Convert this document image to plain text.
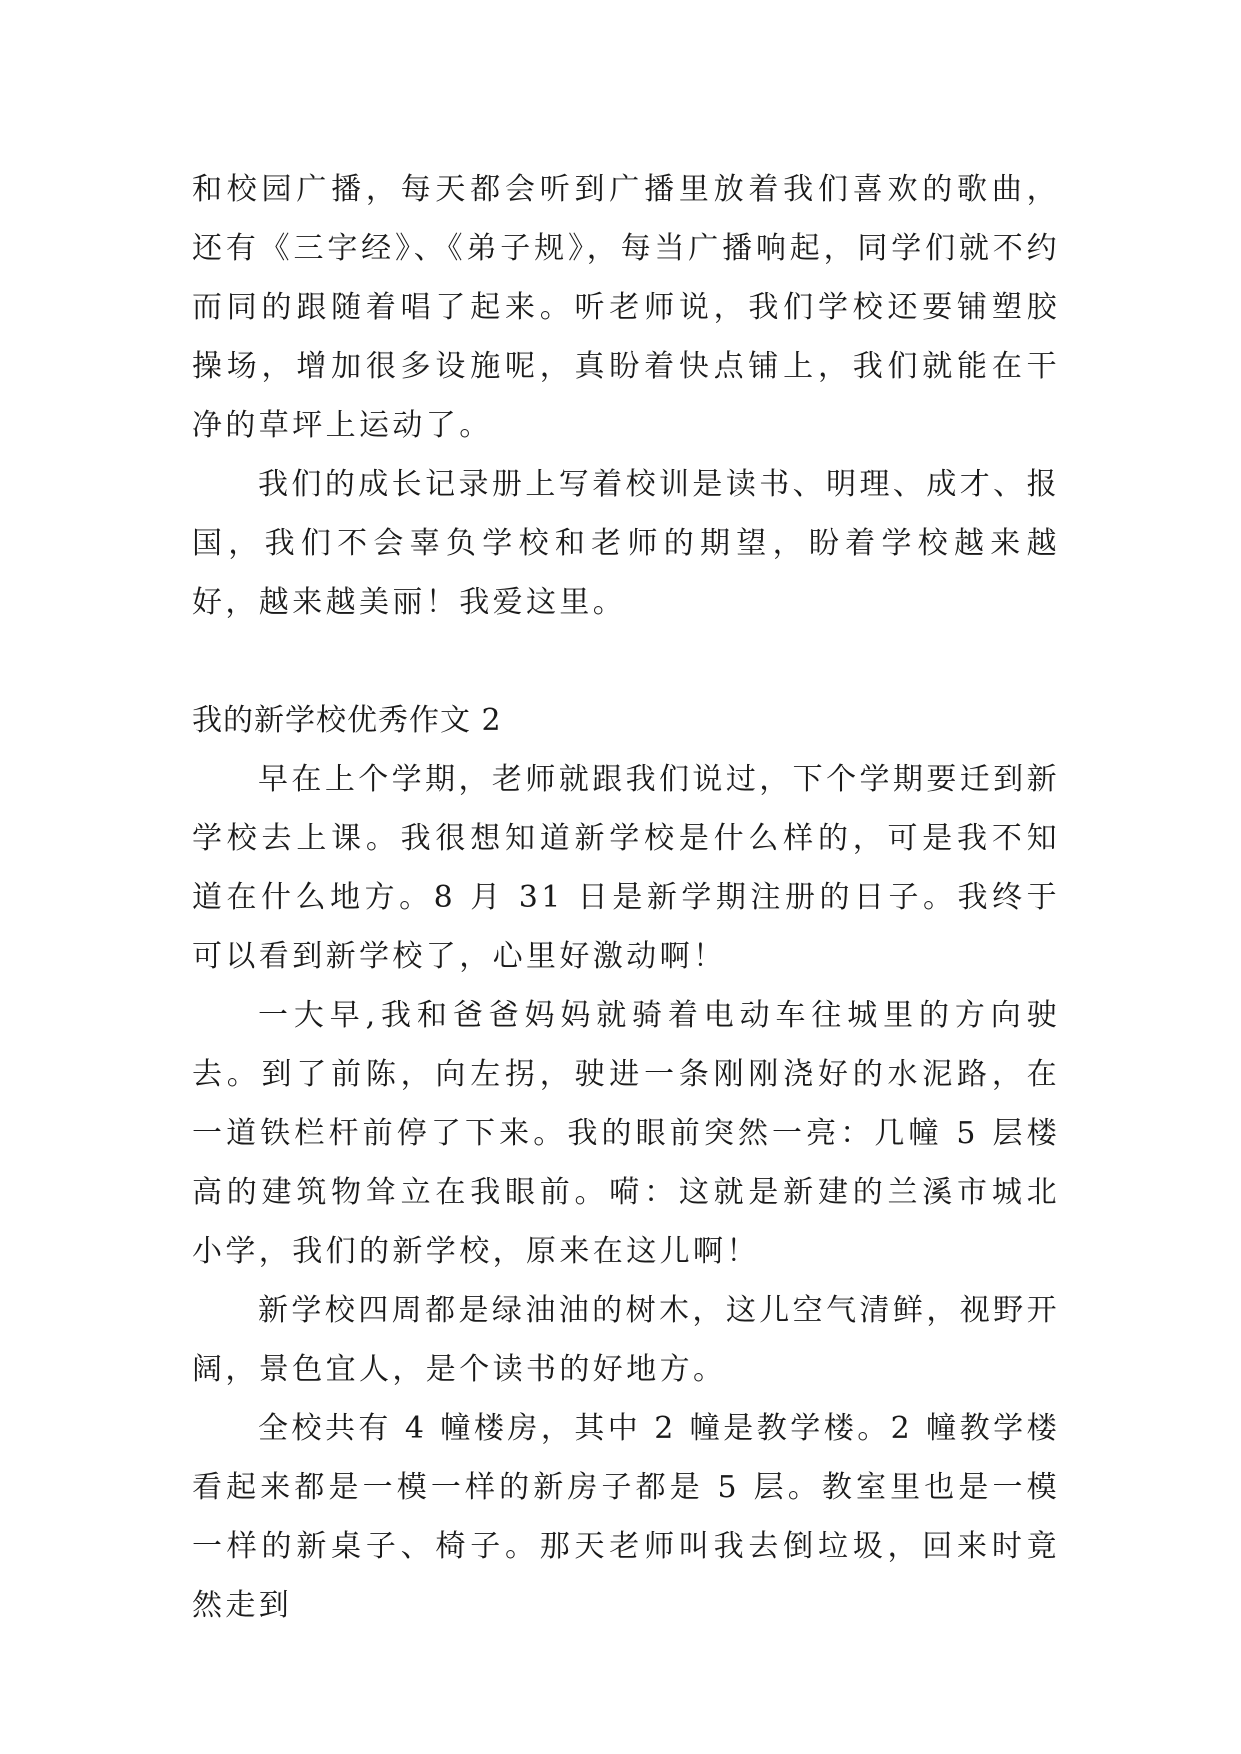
和校园广播，每天都会听到广播里放着我们喜欢的歌曲，还有《三字经》、《弟子规》，每当广播响起，同学们就不约而同的跟随着唱了起来。听老师说，我们学校还要铺塑胶操场，增加很多设施呢，真盼着快点铺上，我们就能在干净的草坪上运动了。

我们的成长记录册上写着校训是读书、明理、成才、报国，我们不会辜负学校和老师的期望，盼着学校越来越好，越来越美丽！我爱这里。

我的新学校优秀作文 2

早在上个学期，老师就跟我们说过，下个学期要迁到新学校去上课。我很想知道新学校是什么样的，可是我不知道在什么地方。8 月 31 日是新学期注册的日子。我终于可以看到新学校了，心里好激动啊！

一大早,我和爸爸妈妈就骑着电动车往城里的方向驶去。到了前陈，向左拐，驶进一条刚刚浇好的水泥路，在一道铁栏杆前停了下来。我的眼前突然一亮：几幢 5 层楼高的建筑物耸立在我眼前。嗬：这就是新建的兰溪市城北小学，我们的新学校，原来在这儿啊！

新学校四周都是绿油油的树木，这儿空气清鲜，视野开阔，景色宜人，是个读书的好地方。

全校共有 4 幢楼房，其中 2 幢是教学楼。2 幢教学楼看起来都是一模一样的新房子都是 5 层。教室里也是一模一样的新桌子、椅子。那天老师叫我去倒垃圾，回来时竟然走到
